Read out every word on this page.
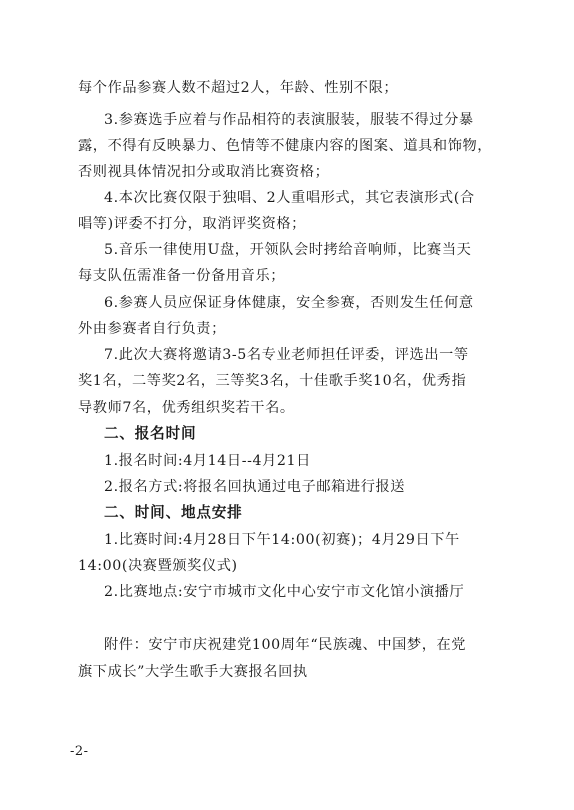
每个作品参赛人数不超过2人，年龄、性别不限；
3.参赛选手应着与作品相符的表演服装，服装不得过分暴
露，不得有反映暴力、色情等不健康内容的图案、道具和饰物，
否则视具体情况扣分或取消比赛资格；
4.本次比赛仅限于独唱、2人重唱形式，其它表演形式(合
唱等)评委不打分，取消评奖资格；
5.音乐一律使用U盘，开领队会时拷给音响师，比赛当天
每支队伍需准备一份备用音乐；
6.参赛人员应保证身体健康，安全参赛，否则发生任何意
外由参赛者自行负责；
7.此次大赛将邀请3-5名专业老师担任评委，评选出一等
奖1名，二等奖2名，三等奖3名，十佳歌手奖10名，优秀指
导教师7名，优秀组织奖若干名。
二、报名时间
1.报名时间:4月14日--4月21日
2.报名方式:将报名回执通过电子邮箱进行报送
二、时间、地点安排
1.比赛时间:4月28日下午14:00(初赛)；4月29日下午
14:00(决赛暨颁奖仪式)
2.比赛地点:安宁市城市文化中心安宁市文化馆小演播厅
附件：安宁市庆祝建党100周年“民族魂、中国梦，在党
旗下成长”大学生歌手大赛报名回执
-2-
